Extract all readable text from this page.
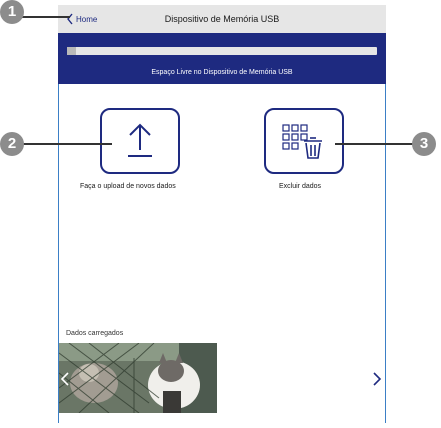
Home	Dispositivo de Memória USB
Espaço Livre no Dispositivo de Memória USB
Faça o upload de novos dados	Excluir dados
Dados carregados
1
2	3
